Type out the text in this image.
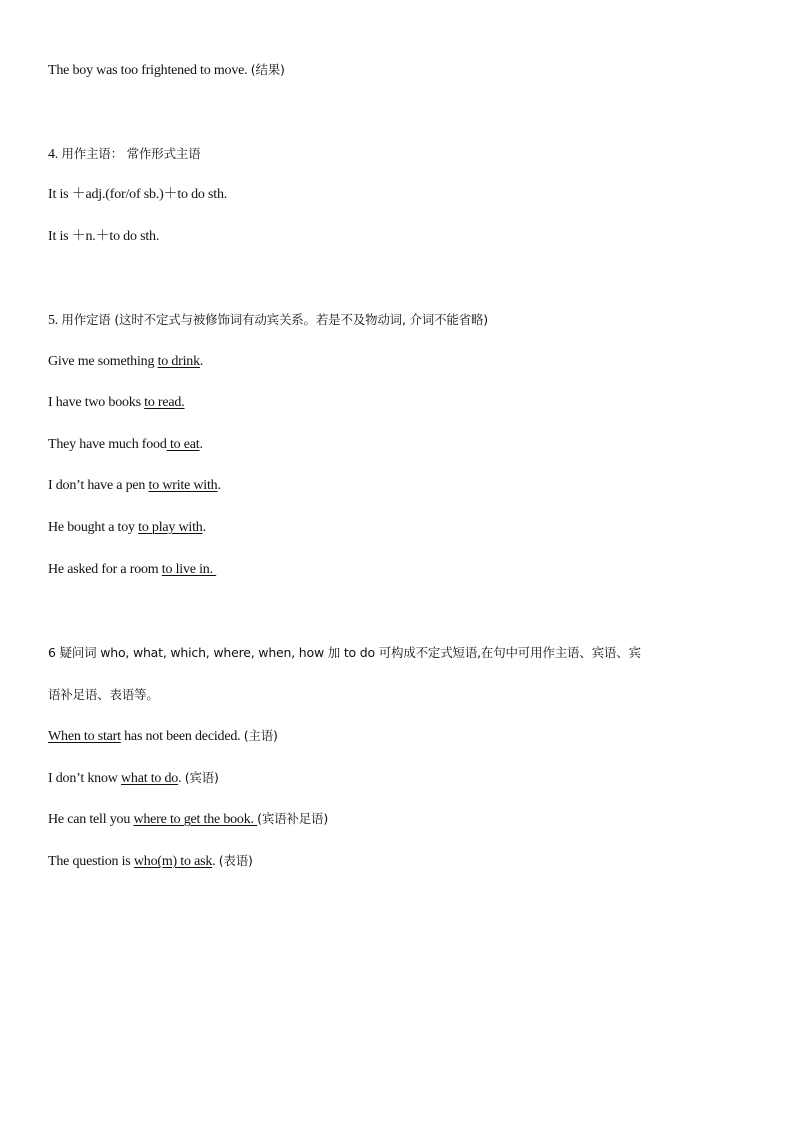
The boy was too frightened to move. (结果)
4. 用作主语： 常作形式主语
It is ＋adj.(for/of sb.)＋to do sth.
It is ＋n.＋to do sth.
5. 用作定语 (这时不定式与被修饰词有动宾关系。若是不及物动词, 介词不能省略)
Give me something to drink.
I have two books to read.
They have much food to eat.
I don’t have a pen to write with.
He bought a toy to play with.
He asked for a room to live in.
6 疑问词 who, what, which, where, when, how 加 to do 可构成不定式短语,在句中可用作主语、宾语、宾
语补足语、表语等。
When to start has not been decided. (主语)
I don’t know what to do. (宾语)
He can tell you where to get the book. (宾语补足语)
The question is who(m) to ask. (表语)
